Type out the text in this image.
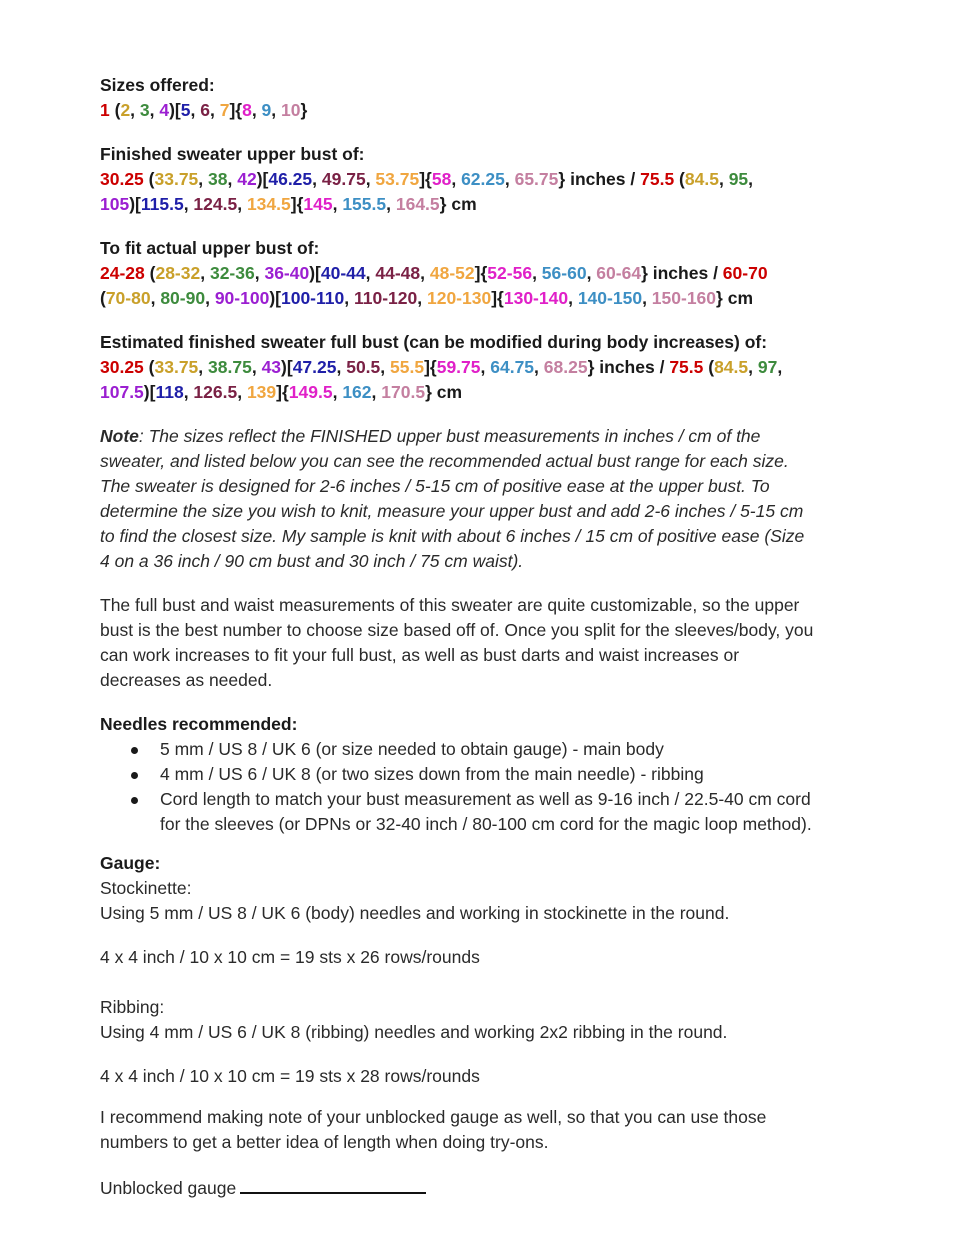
Sizes offered:
1 (2, 3, 4)[5, 6, 7]{8, 9, 10}
Finished sweater upper bust of:
30.25 (33.75, 38, 42)[46.25, 49.75, 53.75]{58, 62.25, 65.75} inches / 75.5 (84.5, 95,
105)[115.5, 124.5, 134.5]{145, 155.5, 164.5} cm
To fit actual upper bust of:
24-28 (28-32, 32-36, 36-40)[40-44, 44-48, 48-52]{52-56, 56-60, 60-64} inches / 60-70
(70-80, 80-90, 90-100)[100-110, 110-120, 120-130]{130-140, 140-150, 150-160} cm
Estimated finished sweater full bust (can be modified during body increases) of:
30.25 (33.75, 38.75, 43)[47.25, 50.5, 55.5]{59.75, 64.75, 68.25} inches / 75.5 (84.5, 97,
107.5)[118, 126.5, 139]{149.5, 162, 170.5} cm
Note: The sizes reflect the FINISHED upper bust measurements in inches / cm of the
sweater, and listed below you can see the recommended actual bust range for each size.
The sweater is designed for 2-6 inches / 5-15 cm of positive ease at the upper bust. To
determine the size you wish to knit, measure your upper bust and add 2-6 inches / 5-15 cm
to find the closest size. My sample is knit with about 6 inches / 15 cm of positive ease (Size
4 on a 36 inch / 90 cm bust and 30 inch / 75 cm waist).
The full bust and waist measurements of this sweater are quite customizable, so the upper
bust is the best number to choose size based off of. Once you split for the sleeves/body, you
can work increases to fit your full bust, as well as bust darts and waist increases or
decreases as needed.
Needles recommended:
5 mm / US 8 / UK 6 (or size needed to obtain gauge) - main body
4 mm / US 6 / UK 8 (or two sizes down from the main needle) - ribbing
Cord length to match your bust measurement as well as 9-16 inch / 22.5-40 cm cord
for the sleeves (or DPNs or 32-40 inch / 80-100 cm cord for the magic loop method).
Gauge:
Stockinette:
Using 5 mm / US 8 / UK 6 (body) needles and working in stockinette in the round.
4 x 4 inch / 10 x 10 cm = 19 sts x 26 rows/rounds
Ribbing:
Using 4 mm / US 6 / UK 8 (ribbing) needles and working 2x2 ribbing in the round.
4 x 4 inch / 10 x 10 cm = 19 sts x 28 rows/rounds
I recommend making note of your unblocked gauge as well, so that you can use those
numbers to get a better idea of length when doing try-ons.
Unblocked gauge
